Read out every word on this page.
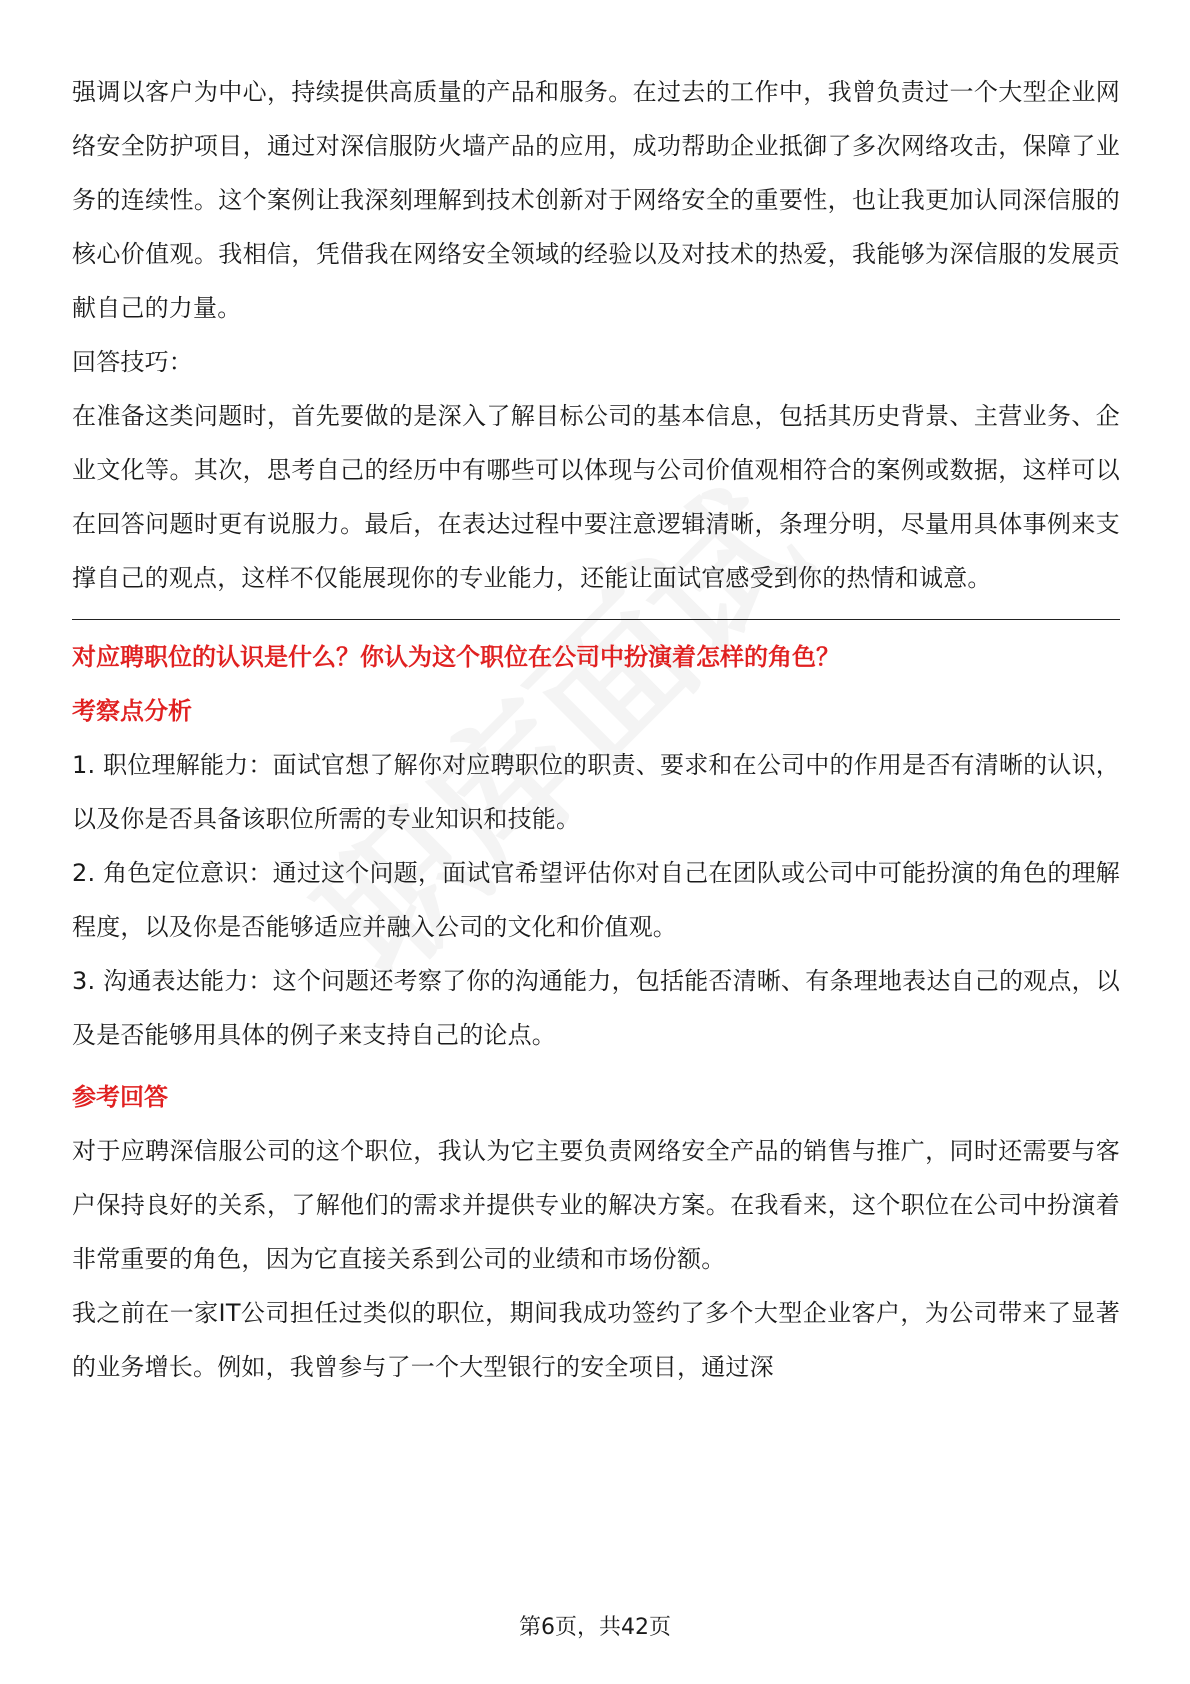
强调以客户为中心，持续提供高质量的产品和服务。在过去的工作中，我曾负责过一个大型企业网络安全防护项目，通过对深信服防火墙产品的应用，成功帮助企业抵御了多次网络攻击，保障了业务的连续性。这个案例让我深刻理解到技术创新对于网络安全的重要性，也让我更加认同深信服的核心价值观。我相信，凭借我在网络安全领域的经验以及对技术的热爱，我能够为深信服的发展贡献自己的力量。

回答技巧：

在准备这类问题时，首先要做的是深入了解目标公司的基本信息，包括其历史背景、主营业务、企业文化等。其次，思考自己的经历中有哪些可以体现与公司价值观相符合的案例或数据，这样可以在回答问题时更有说服力。最后，在表达过程中要注意逻辑清晰，条理分明，尽量用具体事例来支撑自己的观点，这样不仅能展现你的专业能力，还能让面试官感受到你的热情和诚意。

对应聘职位的认识是什么？你认为这个职位在公司中扮演着怎样的角色？

考察点分析

1. 职位理解能力：面试官想了解你对应聘职位的职责、要求和在公司中的作用是否有清晰的认识，以及你是否具备该职位所需的专业知识和技能。

2. 角色定位意识：通过这个问题，面试官希望评估你对自己在团队或公司中可能扮演的角色的理解程度，以及你是否能够适应并融入公司的文化和价值观。

3. 沟通表达能力：这个问题还考察了你的沟通能力，包括能否清晰、有条理地表达自己的观点，以及是否能够用具体的例子来支持自己的论点。

参考回答

对于应聘深信服公司的这个职位，我认为它主要负责网络安全产品的销售与推广，同时还需要与客户保持良好的关系，了解他们的需求并提供专业的解决方案。在我看来，这个职位在公司中扮演着非常重要的角色，因为它直接关系到公司的业绩和市场份额。

我之前在一家IT公司担任过类似的职位，期间我成功签约了多个大型企业客户，为公司带来了显著的业务增长。例如，我曾参与了一个大型银行的安全项目，通过深

第6页，共42页
